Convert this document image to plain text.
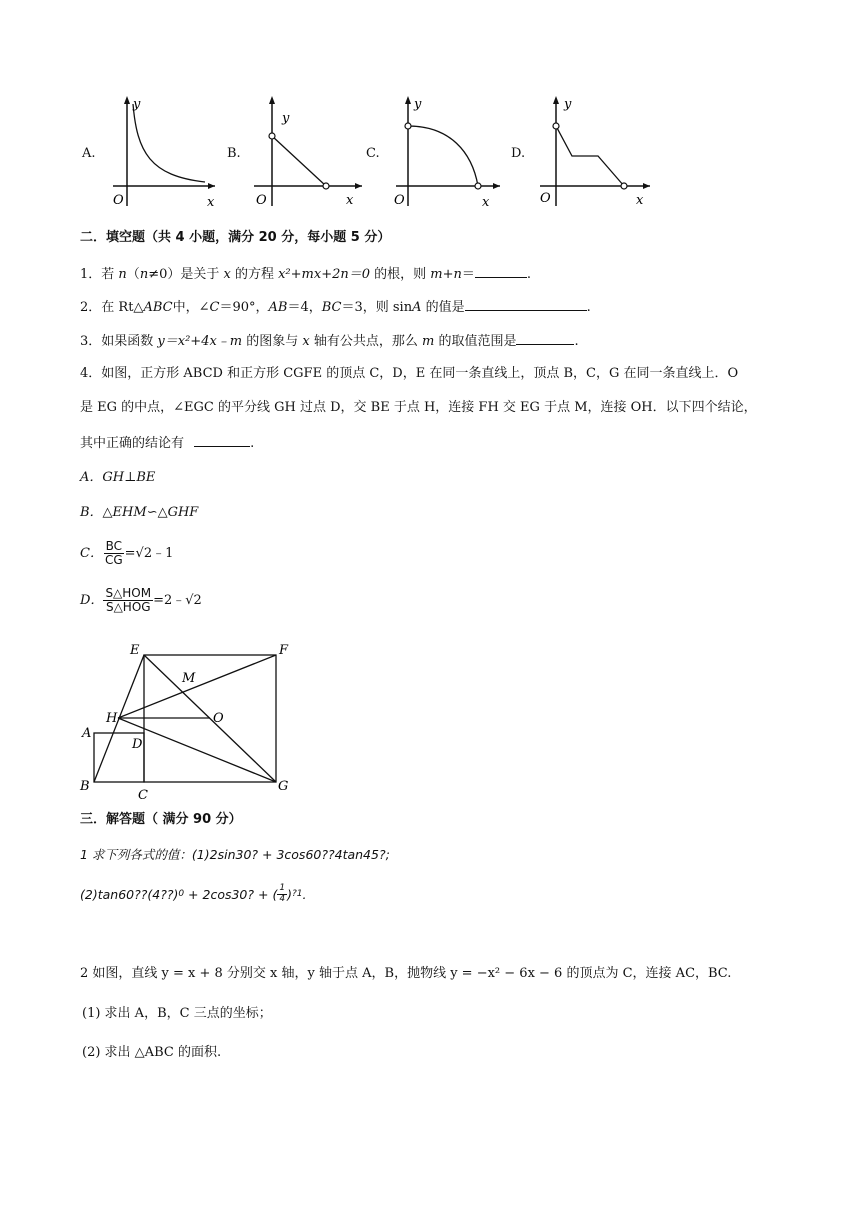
A.
y
x
O
B.
y
x
O
C.
y
x
O
D.
y
x
O
二．填空题（共 4 小题，满分 20 分，每小题 5 分）
1．若 n（n≠0）是关于 x 的方程 x²+mx+2n＝0 的根，则 m+n＝	.
2．在 Rt△ABC中，∠C＝90°，AB＝4，BC＝3，则 sinA 的值是	.
3．如果函数 y＝x²+4x﹣m 的图象与 x 轴有公共点，那么 m 的取值范围是	.
4．如图，正方形 ABCD 和正方形 CGFE 的顶点 C，D，E 在同一条直线上，顶点 B，C，G 在同一条直线上．O
是 EG 的中点，∠EGC 的平分线 GH 过点 D，交 BE 于点 H，连接 FH 交 EG 于点 M，连接 OH．以下四个结论，
其中正确的结论有	.
A．GH⊥BE
B．△EHM∽△GHF
C． $\frac{BC}{CG}$ =√2﹣1
D． $\frac{\text{S△HOM}}{\text{S△HOG}}$ =2﹣√2
E	F
M
H	O
A
D
B
C
G
三．解答题（ 满分 90 分）
1 求下列各式的值：(1)2sin30? + 3cos60??4tan45?;
(2)tan60??(4??) 0 + 2cos30? + ( $\frac{1}{4}$ ) ?1 .
2 如图，直线 y = x + 8 分别交 x 轴，y 轴于点 A，B，抛物线 y = −x² − 6x − 6 的顶点为 C，连接 AC，BC.
(1) 求出 A，B，C 三点的坐标；
(2) 求出 △ABC 的面积.
